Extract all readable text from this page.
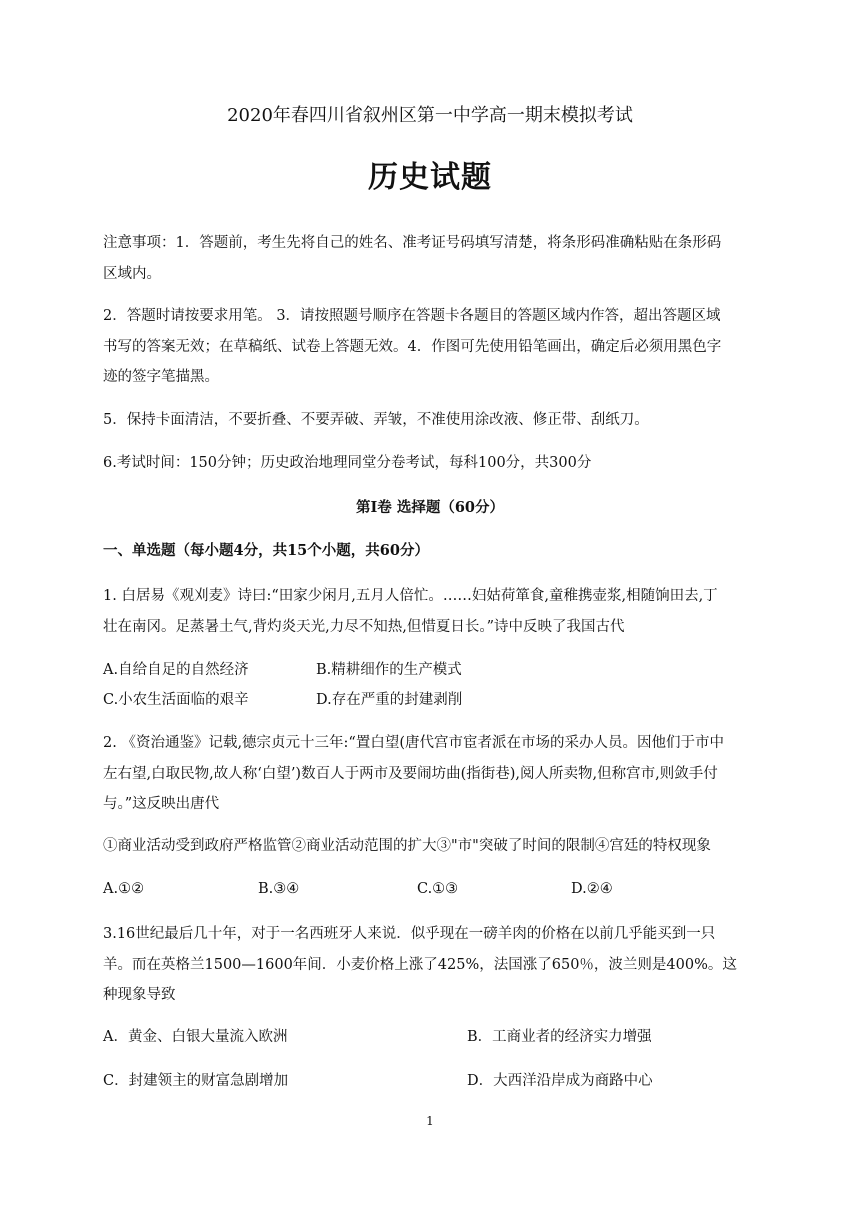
2020年春四川省叙州区第一中学高一期末模拟考试
历史试题
注意事项：1．答题前，考生先将自己的姓名、准考证号码填写清楚，将条形码准确粘贴在条形码
区域内。
2．答题时请按要求用笔。 3．请按照题号顺序在答题卡各题目的答题区域内作答，超出答题区域
书写的答案无效；在草稿纸、试卷上答题无效。4．作图可先使用铅笔画出，确定后必须用黑色字
迹的签字笔描黑。
5．保持卡面清洁，不要折叠、不要弄破、弄皱，不准使用涂改液、修正带、刮纸刀。
6.考试时间：150分钟；历史政治地理同堂分卷考试，每科100分，共300分
第Ⅰ卷 选择题（60分）
一、单选题（每小题4分，共15个小题，共60分）
1. 白居易《观刈麦》诗曰:“田家少闲月,五月人倍忙。……妇姑荷箪食,童稚携壶浆,相随饷田去,丁
壮在南冈。足蒸暑土气,背灼炎天光,力尽不知热,但惜夏日长。”诗中反映了我国古代
A.自给自足的自然经济	B.精耕细作的生产模式
C.小农生活面临的艰辛	D.存在严重的封建剥削
2. 《资治通鉴》记载,德宗贞元十三年:“置白望(唐代宫市宦者派在市场的采办人员。因他们于市中
左右望,白取民物,故人称‘白望’)数百人于两市及要闹坊曲(指街巷),阅人所卖物,但称宫市,则敛手付
与。”这反映出唐代
①商业活动受到政府严格监管②商业活动范围的扩大③"市"突破了时间的限制④宫廷的特权现象
A.①②	B.③④	C.①③	D.②④
3.16世纪最后几十年，对于一名西班牙人来说．似乎现在一磅羊肉的价格在以前几乎能买到一只
羊。而在英格兰1500—1600年间．小麦价格上涨了425%，法国涨了650％，波兰则是400%。这
种现象导致
A．黄金、白银大量流入欧洲	B．工商业者的经济实力增强
C．封建领主的财富急剧增加	D．大西洋沿岸成为商路中心
1
